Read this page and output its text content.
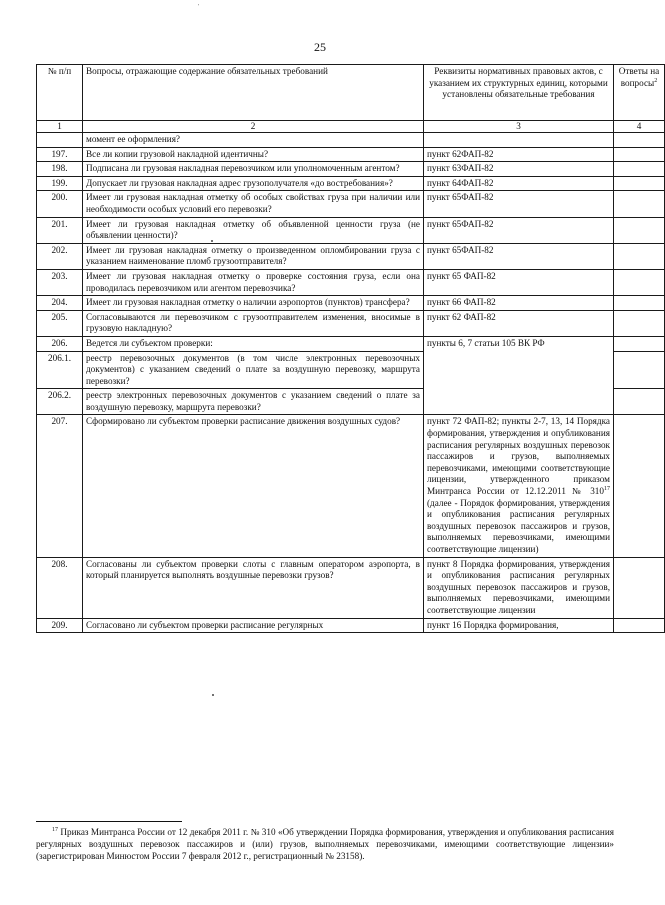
'
25
№ п/п	Вопросы, отражающие содержание обязательных требований	Реквизиты нормативных правовых актов, с указанием их структурных единиц, которыми установлены обязательные требования	Ответы на вопросы$^2$
1	2	3	4
	момент ее оформления?		
197.	Все ли копии грузовой накладной идентичны?	пункт 62ФАП-82	
198.	Подписана ли грузовая накладная перевозчиком или уполномоченным агентом?	пункт 63ФАП-82	
199.	Допускает ли грузовая накладная адрес грузополучателя «до востребования»?	пункт 64ФАП-82	
200.	Имеет ли грузовая накладная отметку об особых свойствах груза при наличии или необходимости особых условий его перевозки?	пункт 65ФАП-82	
201.	Имеет ли грузовая накладная отметку об объявленной ценности груза (не объявлении ценности)?	пункт 65ФАП-82	
202.	Имеет ли грузовая накладная отметку о произведенном опломбировании груза с указанием наименование пломб грузоотправителя?	пункт 65ФАП-82	
203.	Имеет ли грузовая накладная отметку о проверке состояния груза, если она проводилась перевозчиком или агентом перевозчика?	пункт 65 ФАП-82	
204.	Имеет ли грузовая накладная отметку о наличии аэропортов (пунктов) трансфера?	пункт 66 ФАП-82	
205.	Согласовываются ли перевозчиком с грузоотправителем изменения, вносимые в грузовую накладную?	пункт 62 ФАП-82	
206.	Ведется ли субъектом проверки:	пункты 6, 7 статьи 105 ВК РФ	
206.1.	реестр перевозочных документов (в том числе электронных перевозочных документов) с указанием сведений о плате за воздушную перевозку, маршрута перевозки?		
206.2.	реестр электронных перевозочных документов с указанием сведений о плате за воздушную перевозку, маршрута перевозки?		
207.	Сформировано ли субъектом проверки расписание движения воздушных судов?	пункт 72 ФАП-82; пункты 2-7, 13, 14 Порядка формирования, утверждения и опубликования расписания регулярных воздушных перевозок пассажиров и грузов, выполняемых перевозчиками, имеющими соответствующие лицензии, утвержденного приказом Минтранса России от 12.12.2011 № $310^{17}$ (далее - Порядок формирования, утверждения и опубликования расписания регулярных воздушных перевозок пассажиров и грузов, выполняемых перевозчиками, имеющими соответствующие лицензии)	
208.	Согласованы ли субъектом проверки слоты с главным оператором аэропорта, в который планируется выполнять воздушные перевозки грузов?	пункт 8 Порядка формирования, утверждения и опубликования расписания регулярных воздушных перевозок пассажиров и грузов, выполняемых перевозчиками, имеющими соответствующие лицензии	
209.	Согласовано ли субъектом проверки расписание регулярных	пункт 16 Порядка формирования,	
$^{17}$ Приказ Минтранса России от 12 декабря 2011 г. № 310 «Об утверждении Порядка формирования, утверждения и опубликования расписания регулярных воздушных перевозок пассажиров и (или) грузов, выполняемых перевозчиками, имеющими соответствующие лицензии» (зарегистрирован Минюстом России 7 февраля 2012 г., регистрационный № 23158).
